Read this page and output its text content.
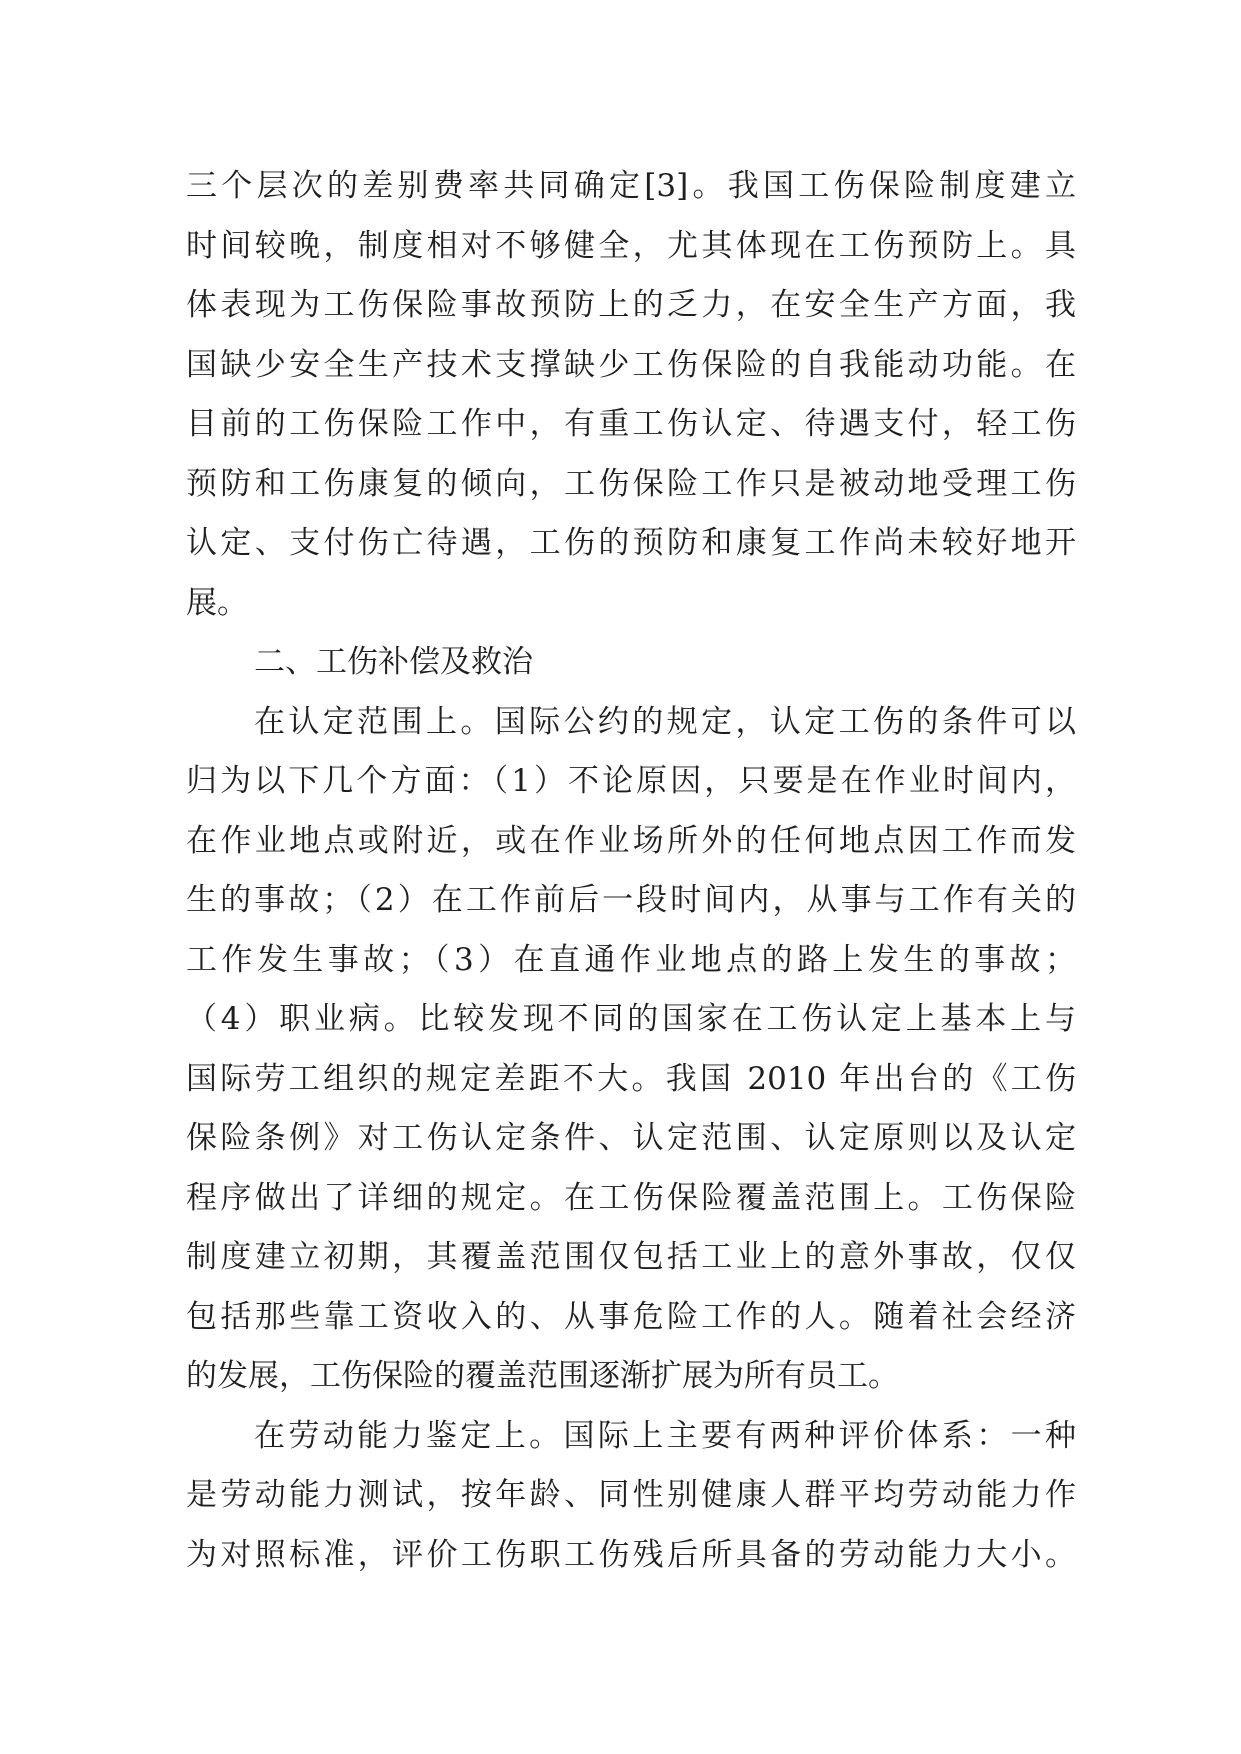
三个层次的差别费率共同确定[3]。我国工伤保险制度建立
时间较晚，制度相对不够健全，尤其体现在工伤预防上。具
体表现为工伤保险事故预防上的乏力，在安全生产方面，我
国缺少安全生产技术支撑缺少工伤保险的自我能动功能。在
目前的工伤保险工作中，有重工伤认定、待遇支付，轻工伤
预防和工伤康复的倾向，工伤保险工作只是被动地受理工伤
认定、支付伤亡待遇，工伤的预防和康复工作尚未较好地开
展。
二、工伤补偿及救治
在认定范围上。国际公约的规定，认定工伤的条件可以
归为以下几个方面：（1）不论原因，只要是在作业时间内，
在作业地点或附近，或在作业场所外的任何地点因工作而发
生的事故；（2）在工作前后一段时间内，从事与工作有关的
工作发生事故；（3）在直通作业地点的路上发生的事故；
（4）职业病。比较发现不同的国家在工伤认定上基本上与
国际劳工组织的规定差距不大。我国 2010 年出台的《工伤
保险条例》对工伤认定条件、认定范围、认定原则以及认定
程序做出了详细的规定。在工伤保险覆盖范围上。工伤保险
制度建立初期，其覆盖范围仅包括工业上的意外事故，仅仅
包括那些靠工资收入的、从事危险工作的人。随着社会经济
的发展，工伤保险的覆盖范围逐渐扩展为所有员工。
在劳动能力鉴定上。国际上主要有两种评价体系：一种
是劳动能力测试，按年龄、同性别健康人群平均劳动能力作
为对照标准，评价工伤职工伤残后所具备的劳动能力大小。
